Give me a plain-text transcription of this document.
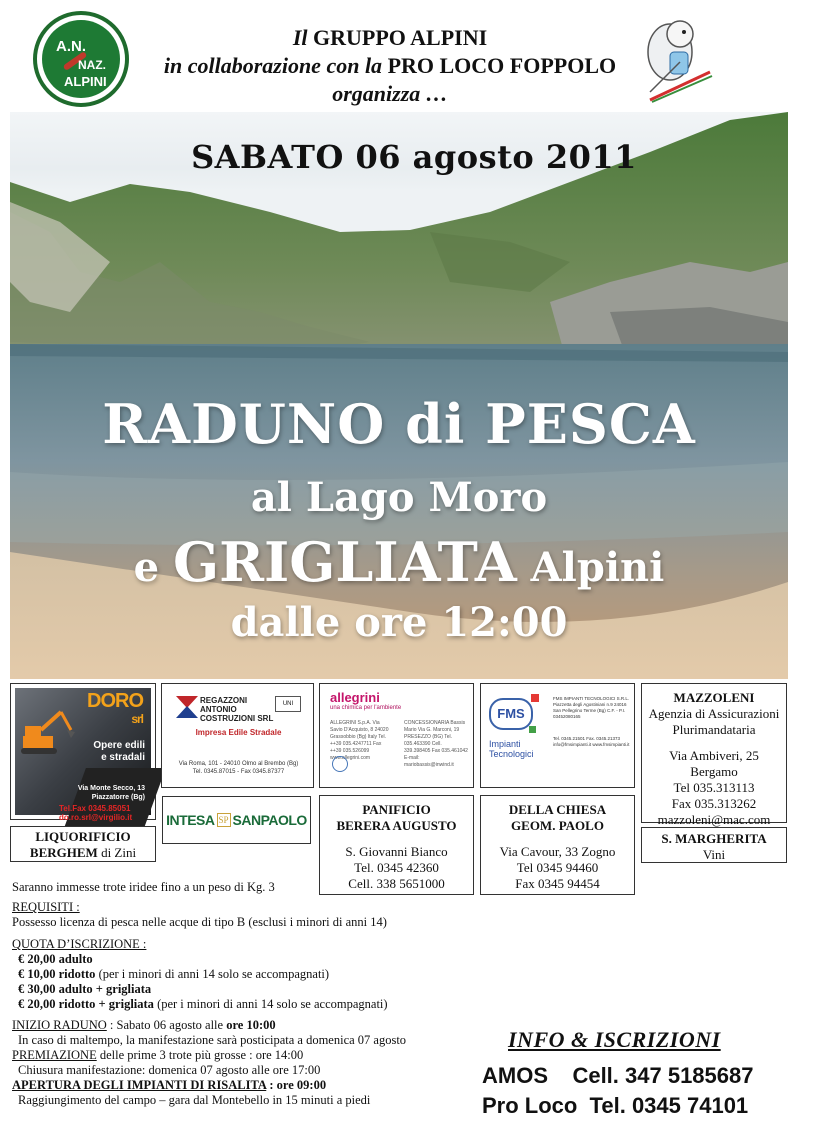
A.N.
NAZ.
ALPINI
Il GRUPPO ALPINI
in collaborazione con la PRO LOCO FOPPOLO
organizza …
SABATO 06 agosto 2011
RADUNO di PESCA
al Lago Moro
e GRIGLIATA Alpini
dalle ore 12:00
DORO
srl
Opere edili
e stradali
Via Monte Secco, 13
Piazzatorre (Bg)
Tel.Fax 0345.85051
do.ro.srl@virgilio.it
REGAZZONI
ANTONIO
COSTRUZIONI SRL
UNI
Impresa Edile Stradale
Via Roma, 101 - 24010 Olmo al Brembo (Bg)
Tel. 0345.87015 - Fax 0345.87377
allegrini
una chimica per l'ambiente
ALLEGRINI S.p.A. Via Savio D'Acquisto, 8 24020 Grassobbio (Bg) Italy Tel. ++39 035.4247711 Fax ++39 035.526099 www.allegrini.com
CONCESSIONARIA Bassis Mario Via G. Marconi, 19 PRESEZZO (BG) Tel. 035.463390 Cell. 339.398405 Fax 035.461042 E-mail: mariobassis@inwind.it
FMS
Impianti
Tecnologici
FMS IMPIANTI TECNOLOGICI S.R.L. Piazzetta degli Agostiniani n.9 24016 San Pellegrino Terme (Bg) C.F. - P.I. 03452080165
Tel. 0345.21501 Fax. 0345.21373 info@fmsimpianti.it www.fmsimpianti.it
MAZZOLENI
Agenzia di Assicurazioni
Plurimandataria
Via Ambiveri, 25
Bergamo
Tel 035.313113
Fax 035.313262
mazzoleni@mac.com
INTESA SP SANPAOLO
PANIFICIO
BERERA AUGUSTO
S. Giovanni Bianco
Tel. 0345 42360
Cell. 338 5651000
DELLA CHIESA
GEOM. PAOLO
Via Cavour, 33 Zogno
Tel 0345 94460
Fax 0345 94454
LIQUORIFICIO
BERGHEM di Zini
S. MARGHERITA
Vini
Saranno immesse trote iridee fino a un peso di Kg. 3
REQUISITI :
Possesso licenza di pesca nelle acque di tipo B (esclusi i minori di anni 14)
QUOTA D’ISCRIZIONE :
€ 20,00 adulto
€ 10,00 ridotto (per i minori di anni 14 solo se accompagnati)
€ 30,00 adulto + grigliata
€ 20,00 ridotto + grigliata (per i minori di anni 14 solo se accompagnati)
INIZIO RADUNO : Sabato 06 agosto alle ore 10:00
In caso di maltempo, la manifestazione sarà posticipata a domenica 07 agosto
PREMIAZIONE delle prime 3 trote più grosse : ore 14:00
Chiusura manifestazione: domenica 07 agosto alle ore 17:00
APERTURA DEGLI IMPIANTI DI RISALITA : ore 09:00
Raggiungimento del campo – gara dal Montebello in 15 minuti a piedi
INFO & ISCRIZIONI
AMOS    Cell. 347 5185687
Pro Loco  Tel. 0345 74101
